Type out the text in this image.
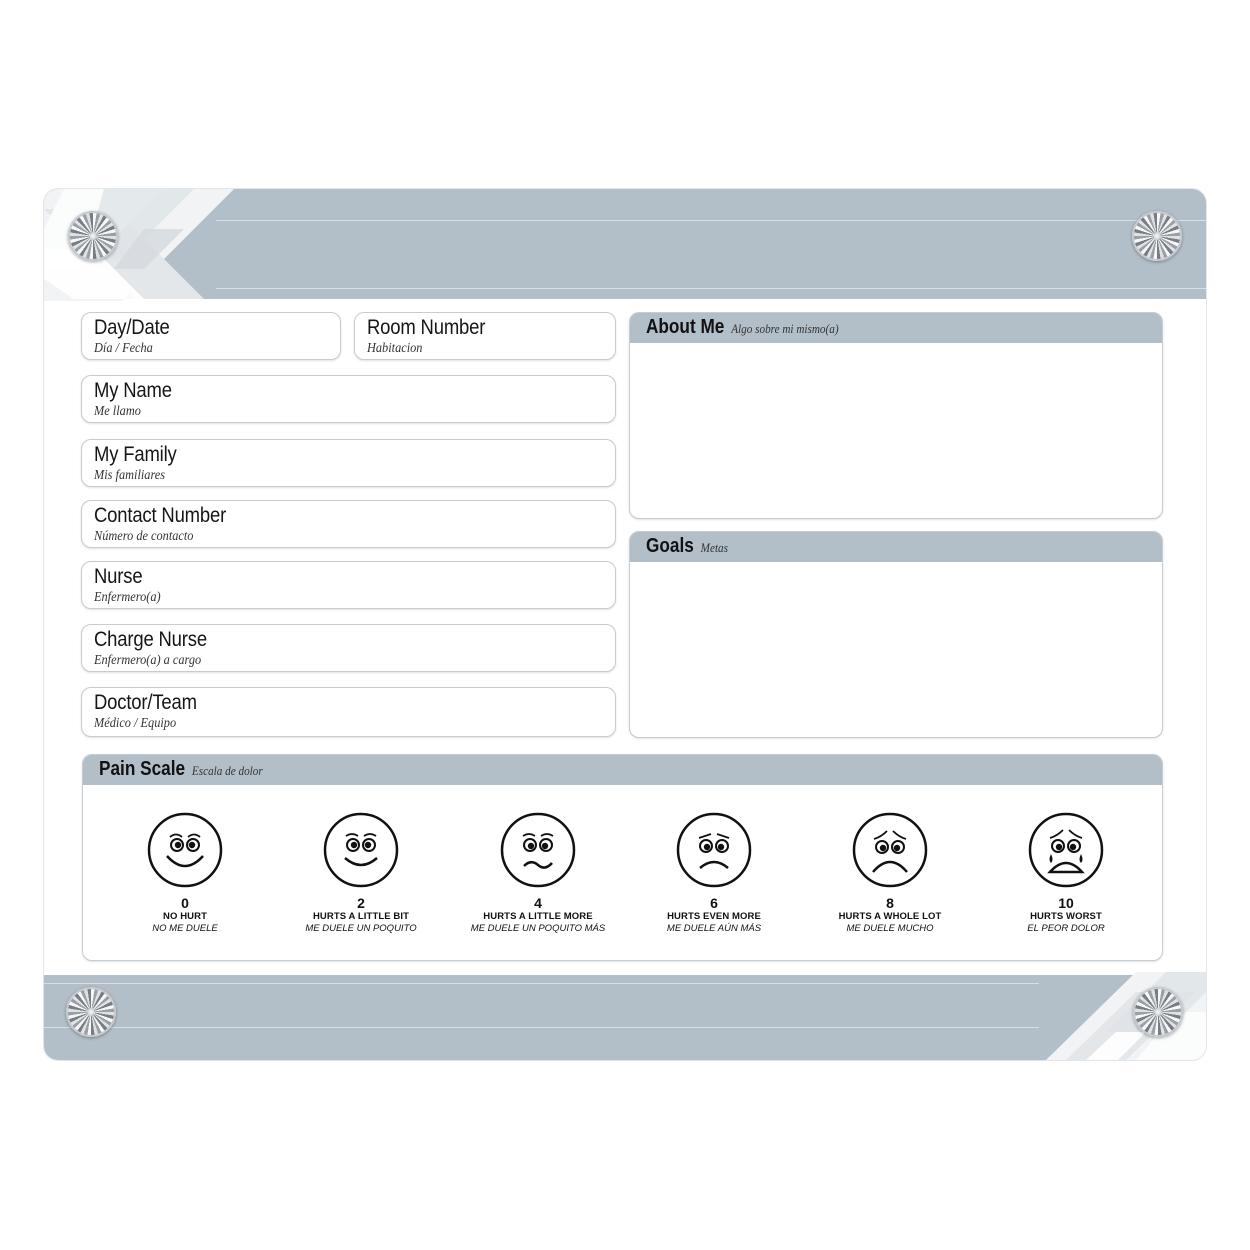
Day/Date
Día / Fecha
Room Number
Habitacion
My Name
Me llamo
My Family
Mis familiares
Contact Number
Número de contacto
Nurse
Enfermero(a)
Charge Nurse
Enfermero(a) a cargo
Doctor/Team
Médico / Equipo
About Me Algo sobre mi mismo(a)
Goals Metas
Pain Scale Escala de dolor
0
NO HURT
NO ME DUELE
2
HURTS A LITTLE BIT
ME DUELE UN POQUITO
4
HURTS A LITTLE MORE
ME DUELE UN POQUITO MÁS
6
HURTS EVEN MORE
ME DUELE AÚN MÁS
8
HURTS A WHOLE LOT
ME DUELE MUCHO
10
HURTS WORST
EL PEOR DOLOR
